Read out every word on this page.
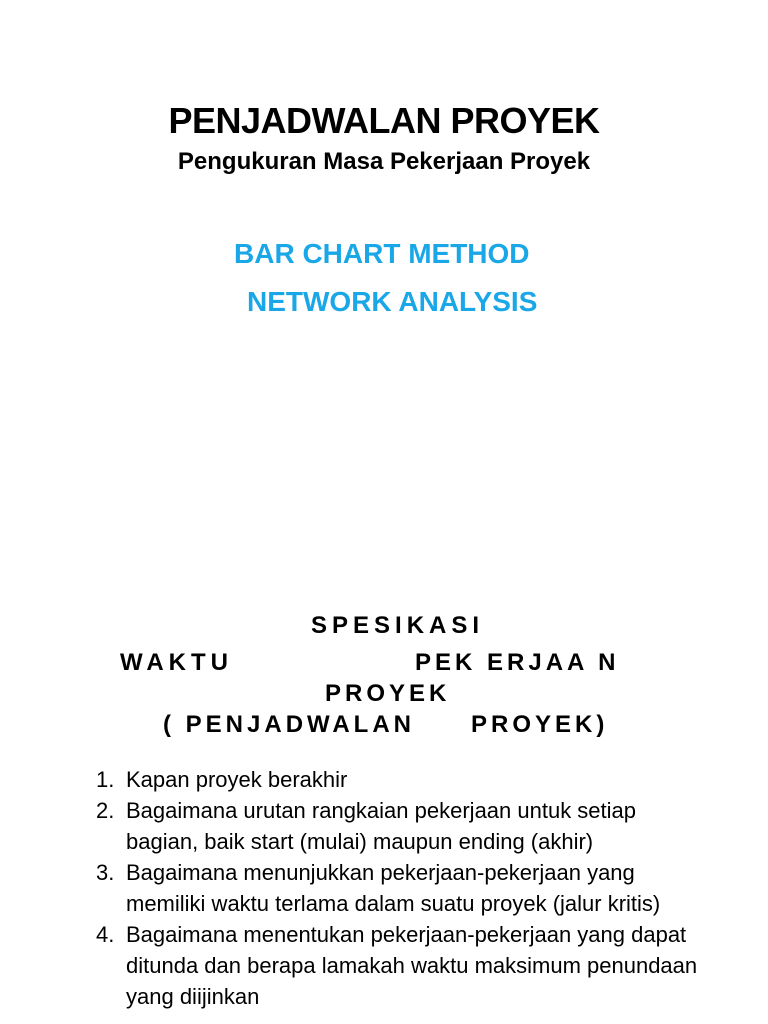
PENJADWALAN PROYEK
Pengukuran Masa Pekerjaan Proyek
BAR CHART METHOD
NETWORK ANALYSIS
SPESIKASI
WAKTU	PEK ERJAA N
PROYEK
( PENJADWALAN PROYEK)
1. Kapan proyek berakhir
2. Bagaimana urutan rangkaian pekerjaan untuk setiap bagian, baik start (mulai) maupun ending (akhir)
3. Bagaimana menunjukkan pekerjaan-pekerjaan yang memiliki waktu terlama dalam suatu proyek (jalur kritis)
4. Bagaimana menentukan pekerjaan-pekerjaan yang dapat ditunda dan berapa lamakah waktu maksimum penundaan yang diijinkan
